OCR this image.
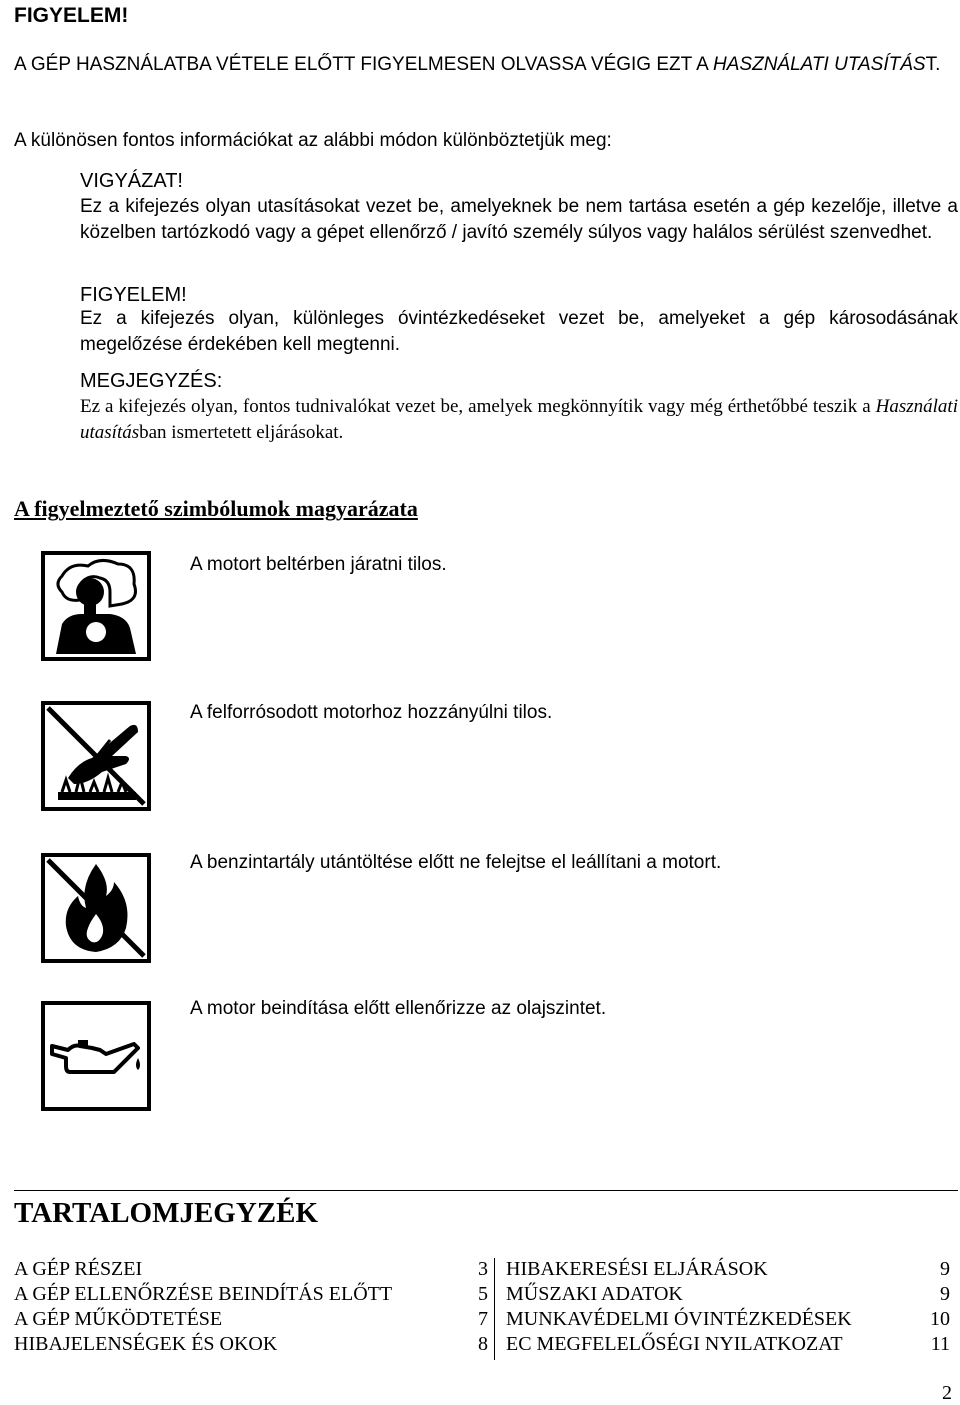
FIGYELEM!
A GÉP HASZNÁLATBA VÉTELE ELŐTT FIGYELMESEN OLVASSA VÉGIG EZT A HASZNÁLATI UTASÍTÁST.
A különösen fontos információkat az alábbi módon különböztetjük meg:
VIGYÁZAT!
Ez a kifejezés olyan utasításokat vezet be, amelyeknek be nem tartása esetén a gép kezelője, illetve a közelben tartózkodó vagy a gépet ellenőrző / javító személy súlyos vagy halálos sérülést szenvedhet.
FIGYELEM!
Ez a kifejezés olyan, különleges óvintézkedéseket vezet be, amelyeket a gép károsodásának megelőzése érdekében kell megtenni.
MEGJEGYZÉS:
Ez a kifejezés olyan, fontos tudnivalókat vezet be, amelyek megkönnyítik vagy még érthetőbbé teszik a Használati utasításban ismertetett eljárásokat.
A figyelmeztető szimbólumok magyarázata
A motort beltérben járatni tilos.
A felforrósodott motorhoz hozzányúlni tilos.
A benzintartály utántöltése előtt ne felejtse el leállítani a motort.
A motor beindítása előtt ellenőrizze az olajszintet.
TARTALOMJEGYZÉK
A GÉP RÉSZEI	3
A GÉP ELLENŐRZÉSE BEINDÍTÁS ELŐTT	5
A GÉP MŰKÖDTETÉSE	7
HIBAJELENSÉGEK ÉS OKOK	8
HIBAKERESÉSI ELJÁRÁSOK	9
MŰSZAKI ADATOK	9
MUNKAVÉDELMI ÓVINTÉZKEDÉSEK	10
EC MEGFELELŐSÉGI NYILATKOZAT	11
2
